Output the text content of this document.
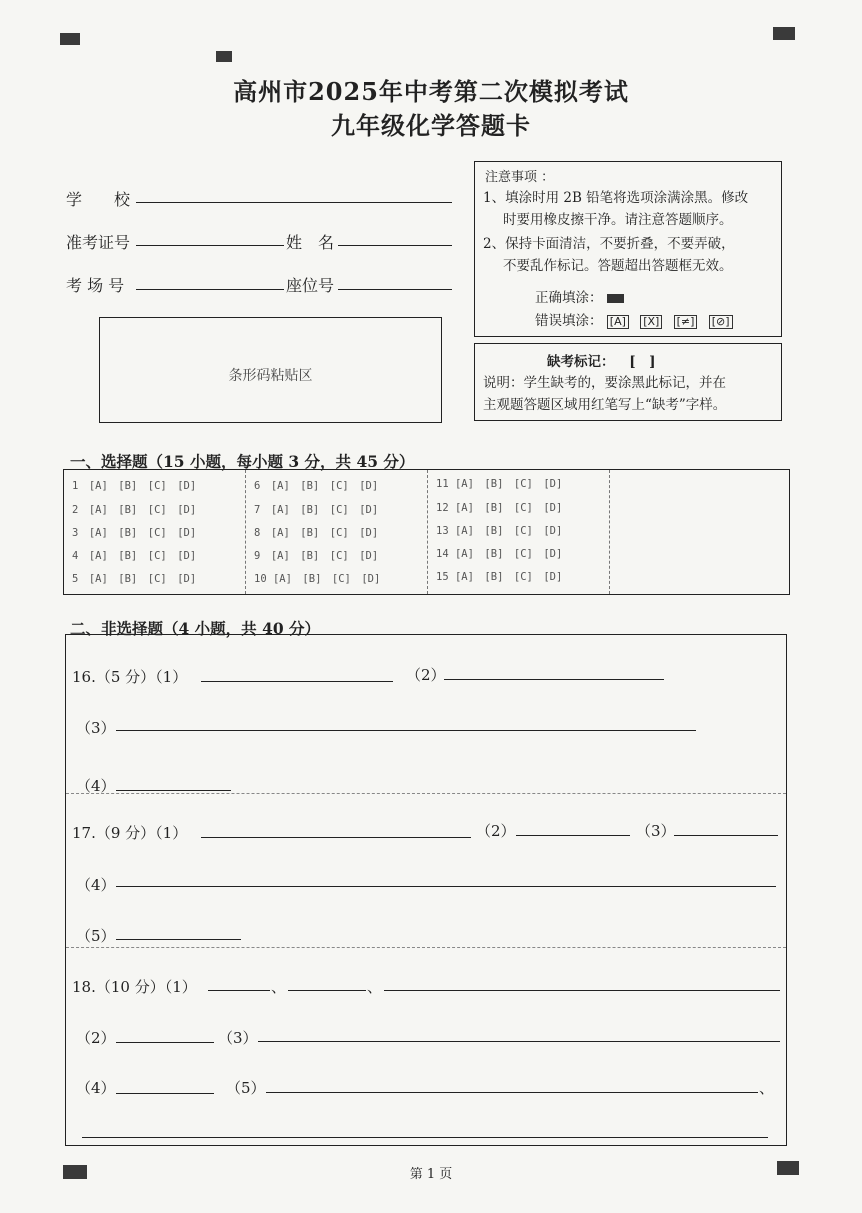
高州市2025年中考第二次模拟考试
九年级化学答题卡
学　　校
准考证号	姓　名
考 场 号	座位号
条形码粘贴区
注意事项 ：
1、填涂时用 2B 铅笔将选项涂满涂黑。修改
时要用橡皮擦干净。请注意答题顺序。
2、保持卡面清洁，不要折叠，不要弄破，
不要乱作标记。答题超出答题框无效。
正确填涂：
错误填涂： [A] [X] [≠] [⊘]
缺考标记： [　]
说明：学生缺考的，要涂黑此标记，并在
主观题答题区域用红笔写上“缺考”字样。
一、选择题（15 小题，每小题 3 分，共 45 分）
1　[A]　[B]　[C]　[D]
2　[A]　[B]　[C]　[D]
3　[A]　[B]　[C]　[D]
4　[A]　[B]　[C]　[D]
5　[A]　[B]　[C]　[D]
6　[A]　[B]　[C]　[D]
7　[A]　[B]　[C]　[D]
8　[A]　[B]　[C]　[D]
9　[A]　[B]　[C]　[D]
10 [A]　[B]　[C]　[D]
11 [A]　[B]　[C]　[D]
12 [A]　[B]　[C]　[D]
13 [A]　[B]　[C]　[D]
14 [A]　[B]　[C]　[D]
15 [A]　[B]　[C]　[D]
二、非选择题（4 小题，共 40 分）
16.（5 分）（1）	（2）
（3）
（4）
17.（9 分）（1）	（2）	（3）
（4）
（5）
18.（10 分）（1）	、	、
（2）	（3）
（4）	（5）	、
第 1 页
